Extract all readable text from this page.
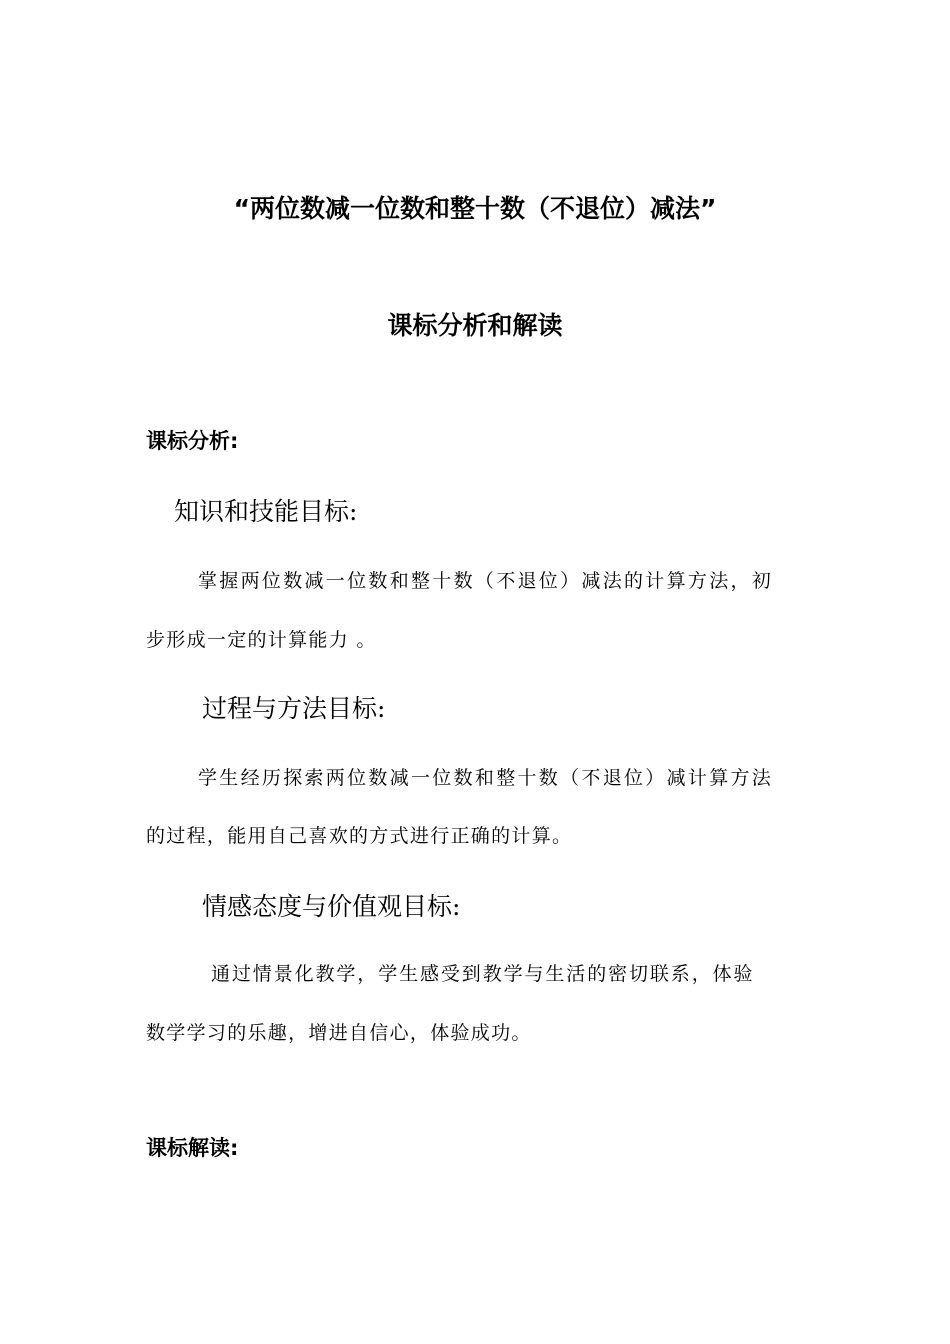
“两位数减一位数和整十数（不退位）减法”
课标分析和解读
课标分析:
知识和技能目标:
掌握两位数减一位数和整十数（不退位）减法的计算方法，初
步形成一定的计算能力 。
过程与方法目标:
学生经历探索两位数减一位数和整十数（不退位）减计算方法
的过程，能用自己喜欢的方式进行正确的计算。
情感态度与价值观目标:
通过情景化教学，学生感受到教学与生活的密切联系，体验
数学学习的乐趣，增进自信心，体验成功。
课标解读:
